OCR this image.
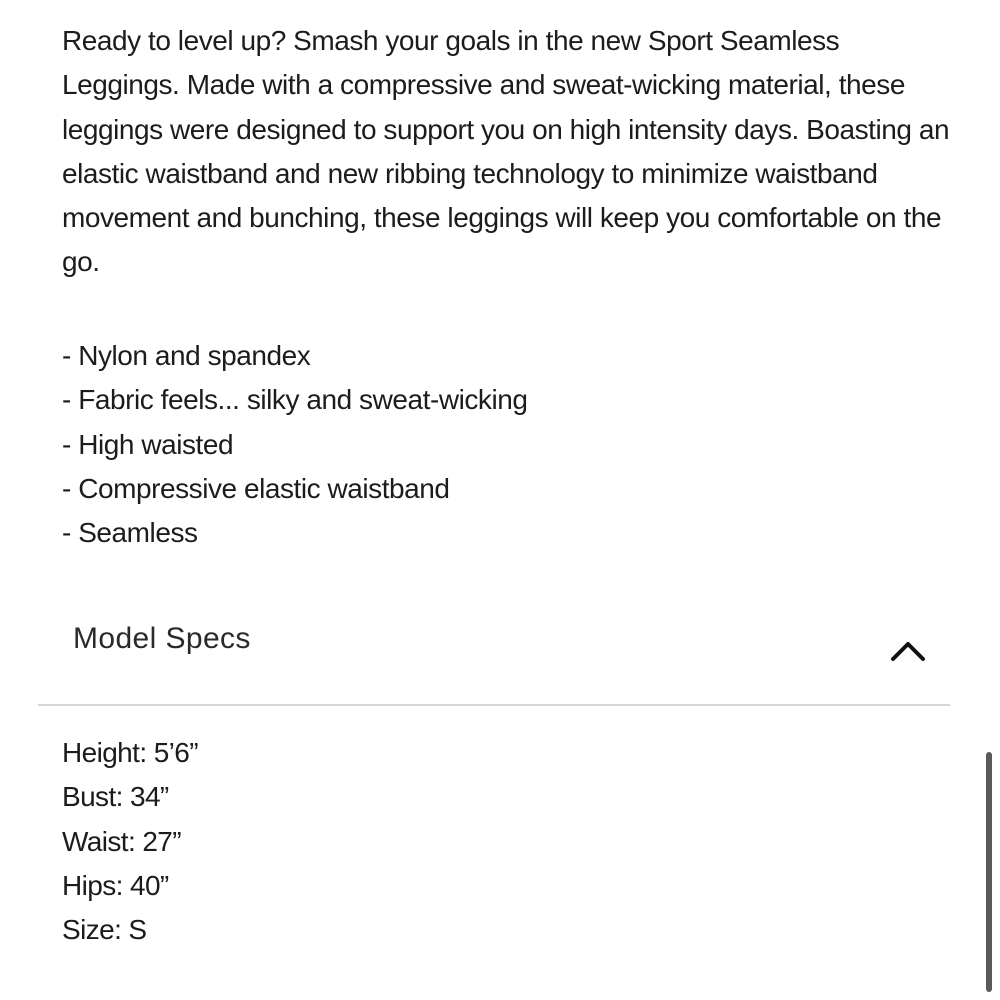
Ready to level up? Smash your goals in the new Sport Seamless Leggings. Made with a compressive and sweat-wicking material, these leggings were designed to support you on high intensity days. Boasting an elastic waistband and new ribbing technology to minimize waistband movement and bunching, these leggings will keep you comfortable on the go.

- Nylon and spandex
- Fabric feels... silky and sweat-wicking
- High waisted
- Compressive elastic waistband
- Seamless
Model Specs
Height: 5’6”
Bust: 34”
Waist: 27”
Hips: 40”
Size: S
